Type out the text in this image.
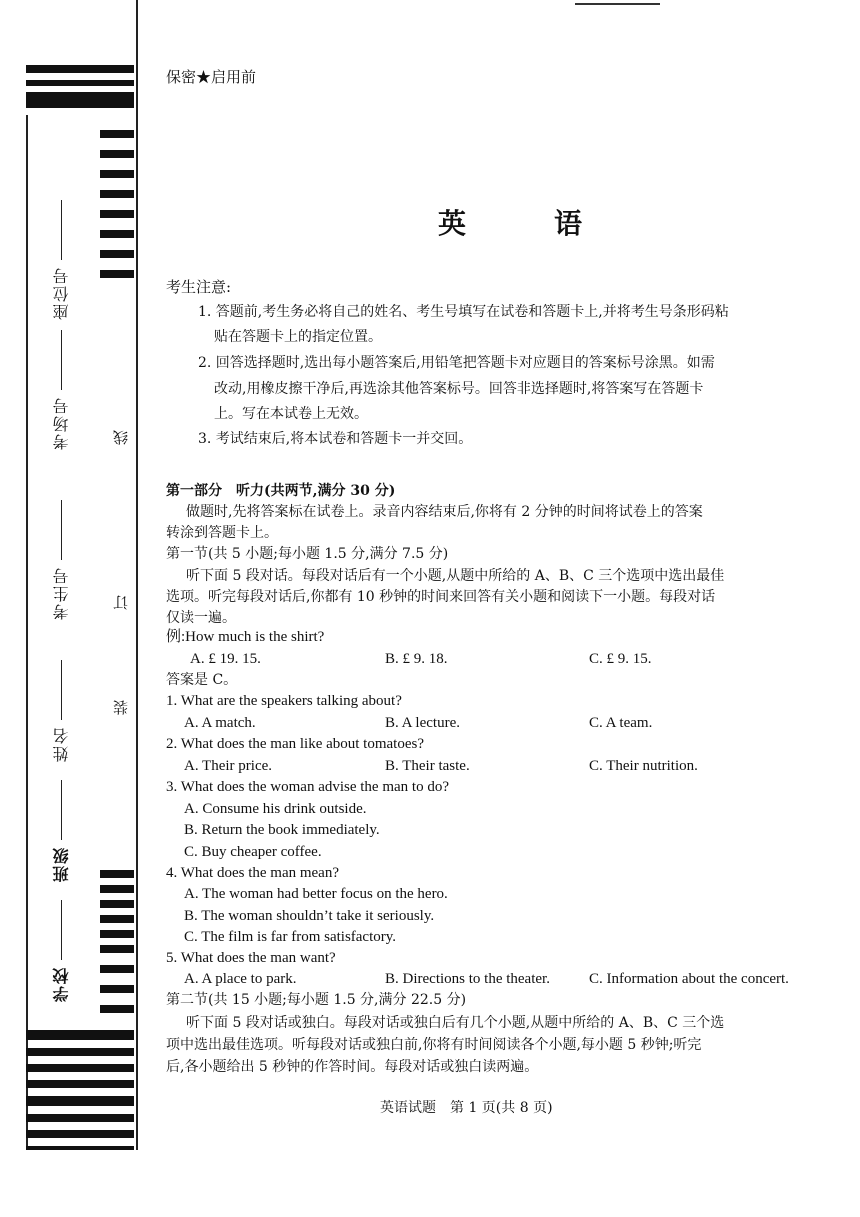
座位号
考场号
考生号
姓名
班级
学校
线
订
装
保密★启用前
英　语
考生注意:
1. 答题前,考生务必将自己的姓名、考生号填写在试卷和答题卡上,并将考生号条形码粘
贴在答题卡上的指定位置。
2. 回答选择题时,选出每小题答案后,用铅笔把答题卡对应题目的答案标号涂黑。如需
改动,用橡皮擦干净后,再选涂其他答案标号。回答非选择题时,将答案写在答题卡
上。写在本试卷上无效。
3. 考试结束后,将本试卷和答题卡一并交回。
第一部分　听力(共两节,满分 30 分)
做题时,先将答案标在试卷上。录音内容结束后,你将有 2 分钟的时间将试卷上的答案
转涂到答题卡上。
第一节(共 5 小题;每小题 1.5 分,满分 7.5 分)
听下面 5 段对话。每段对话后有一个小题,从题中所给的 A、B、C 三个选项中选出最佳
选项。听完每段对话后,你都有 10 秒钟的时间来回答有关小题和阅读下一小题。每段对话
仅读一遍。
例:How much is the shirt?
A. £ 19. 15.	B. £ 9. 18.	C. £ 9. 15.
答案是 C。
1. What are the speakers talking about?
A. A match.	B. A lecture.	C. A team.
2. What does the man like about tomatoes?
A. Their price.	B. Their taste.	C. Their nutrition.
3. What does the woman advise the man to do?
A. Consume his drink outside.
B. Return the book immediately.
C. Buy cheaper coffee.
4. What does the man mean?
A. The woman had better focus on the hero.
B. The woman shouldn’t take it seriously.
C. The film is far from satisfactory.
5. What does the man want?
A. A place to park.	B. Directions to the theater.	C. Information about the concert.
第二节(共 15 小题;每小题 1.5 分,满分 22.5 分)
听下面 5 段对话或独白。每段对话或独白后有几个小题,从题中所给的 A、B、C 三个选
项中选出最佳选项。听每段对话或独白前,你将有时间阅读各个小题,每小题 5 秒钟;听完
后,各小题给出 5 秒钟的作答时间。每段对话或独白读两遍。
英语试题　第 1 页(共 8 页)
